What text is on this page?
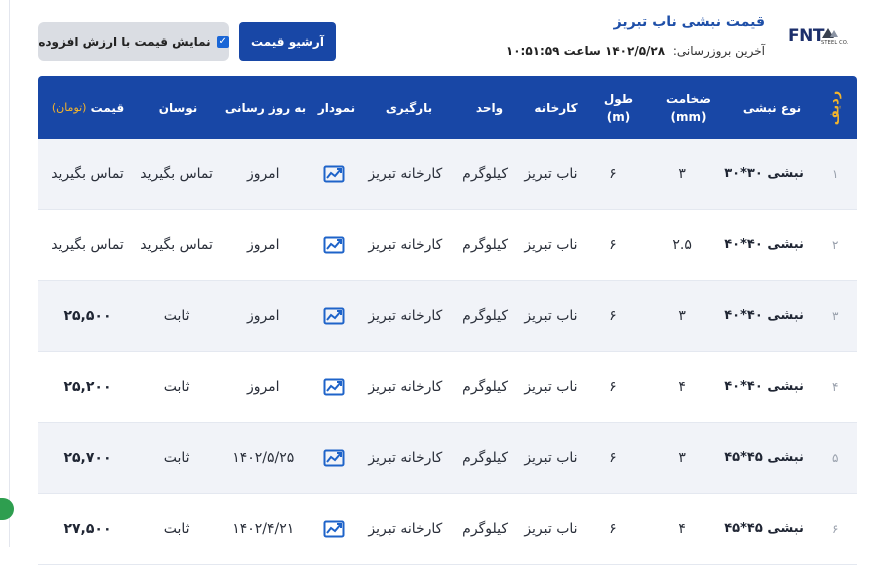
FNT
STEEL CO.
قیمت نبشی ناب تبریز
آخرین بروزرسانی: ۱۴۰۲/۵/۲۸ ساعت ۱۰:۵۱:۵۹
آرشیو قیمت
✓
نمایش قیمت با ارزش افزوده
ردیف
نوع نبشی
ضخامت (mm)
طول (m)
کارخانه
واحد
بارگیری
نمودار
به روز رسانی
نوسان
قیمت

(تومان)
۱
نبشی ۳۰*۳۰
۳
۶
ناب تبریز
کیلوگرم
کارخانه تبریز
امروز
تماس بگیرید
تماس بگیرید
۲
نبشی ۴۰*۴۰
۲.۵
۶
ناب تبریز
کیلوگرم
کارخانه تبریز
امروز
تماس بگیرید
تماس بگیرید
۳
نبشی ۴۰*۴۰
۳
۶
ناب تبریز
کیلوگرم
کارخانه تبریز
امروز
ثابت
۲۵,۵۰۰
۴
نبشی ۴۰*۴۰
۴
۶
ناب تبریز
کیلوگرم
کارخانه تبریز
امروز
ثابت
۲۵,۲۰۰
۵
نبشی ۴۵*۴۵
۳
۶
ناب تبریز
کیلوگرم
کارخانه تبریز
۱۴۰۲/۵/۲۵
ثابت
۲۵,۷۰۰
۶
نبشی ۴۵*۴۵
۴
۶
ناب تبریز
کیلوگرم
کارخانه تبریز
۱۴۰۲/۴/۲۱
ثابت
۲۷,۵۰۰
